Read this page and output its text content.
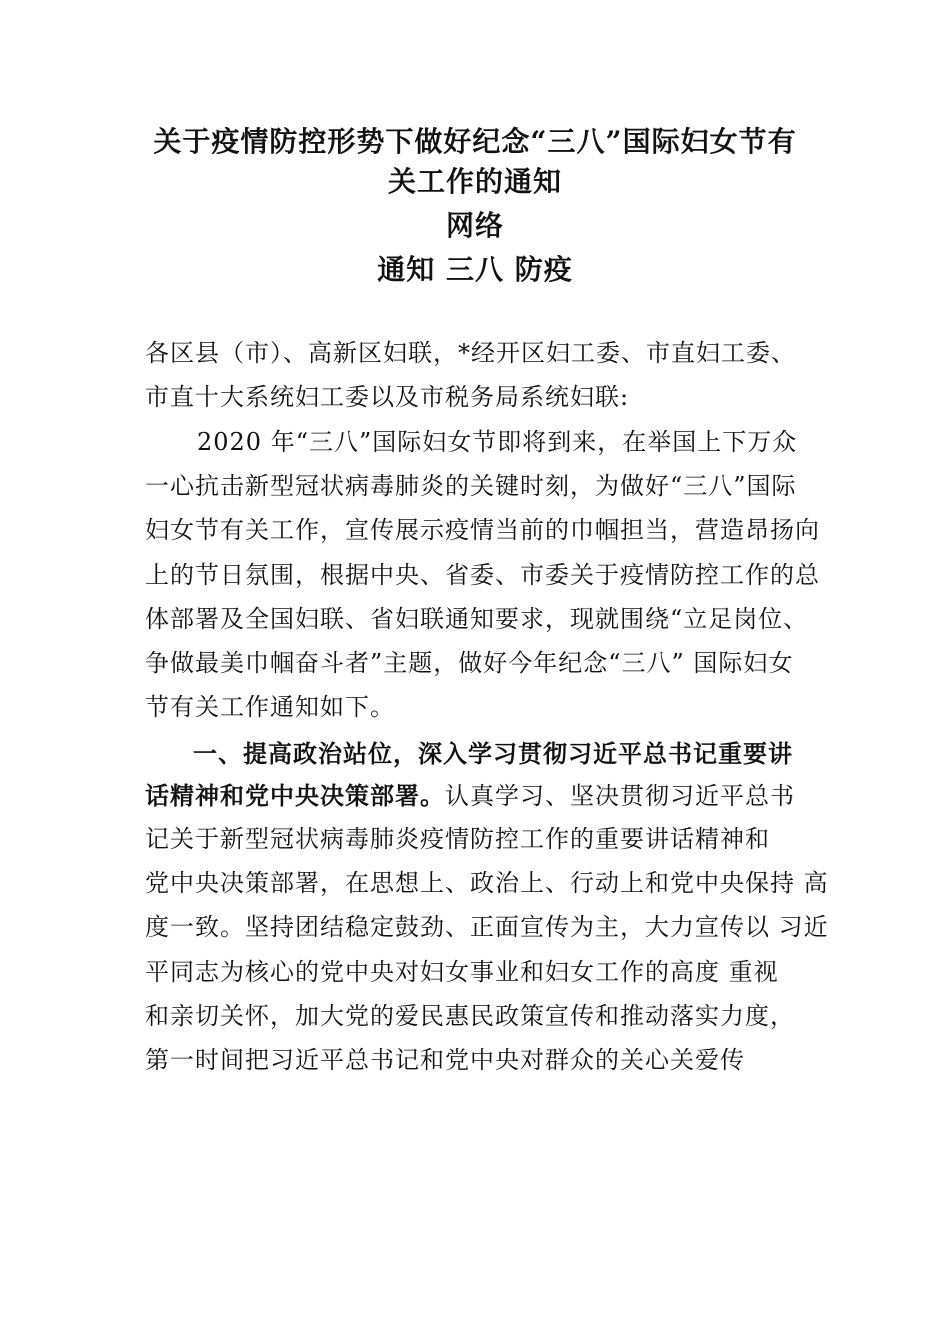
关于疫情防控形势下做好纪念“三八”国际妇女节有
关工作的通知
网络
通知 三八 防疫
各区县（市）、高新区妇联，*经开区妇工委、市直妇工委、
市直十大系统妇工委以及市税务局系统妇联:
2020 年“三八”国际妇女节即将到来，在举国上下万众
一心抗击新型冠状病毒肺炎的关键时刻，为做好“三八”国际
妇女节有关工作，宣传展示疫情当前的巾帼担当，营造昂扬向
上的节日氛围，根据中央、省委、市委关于疫情防控工作的总
体部署及全国妇联、省妇联通知要求，现就围绕“立足岗位、
争做最美巾帼奋斗者”主题，做好今年纪念“三八” 国际妇女
节有关工作通知如下。
一、提高政治站位，深入学习贯彻习近平总书记重要讲
话精神和党中央决策部署。认真学习、坚决贯彻习近平总书
记关于新型冠状病毒肺炎疫情防控工作的重要讲话精神和
党中央决策部署，在思想上、政治上、行动上和党中央保持 高
度一致。坚持团结稳定鼓劲、正面宣传为主，大力宣传以 习近
平同志为核心的党中央对妇女事业和妇女工作的高度 重视
和亲切关怀，加大党的爱民惠民政策宣传和推动落实力度，
第一时间把习近平总书记和党中央对群众的关心关爱传
